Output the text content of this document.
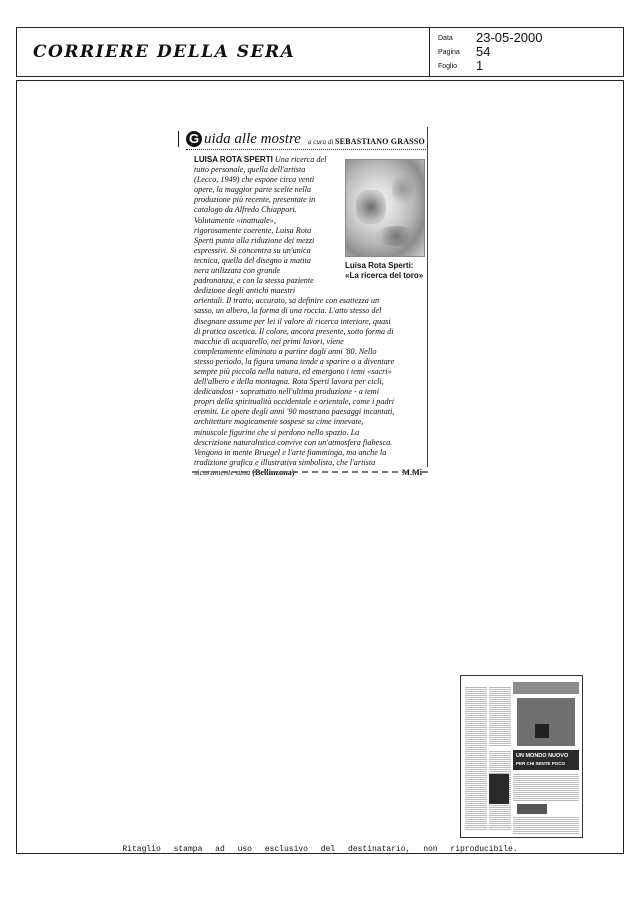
CORRIERE DELLA SERA
Data 23-05-2000
Pagina 54
Foglio 1
G uida alle mostre a cura di SEBASTIANO GRASSO
LUISA ROTA SPERTI Una ricerca del
tutto personale, quella dell'artista
(Lecco, 1949) che espone circa venti
opere, la maggior parte scelte nella
produzione più recente, presentate in
catalogo da Alfredo Chiappori.
Volutamente «inattuale»,
rigorosamente coerente, Luisa Rota
Sperti punta alla riduzione dei mezzi
espressivi. Si concentra su un'unica
tecnica, quella del disegno a matita
nera utilizzata con grande
padronanza, e con la stessa paziente
dedizione degli antichi maestri
orientali. Il tratto, accurato, sa definire con esattezza un
sasso, un albero, la forma di una roccia. L'atto stesso del
disegnare assume per lei il valore di ricerca interiore, quasi
di pratica ascetica. Il colore, ancora presente, sotto forma di
macchie di acquarello, nei primi lavori, viene
completamente eliminato a partire dagli anni '80. Nello
stesso periodo, la figura umana tende a sparire o a diventare
sempre più piccola nella natura, ed emergono i temi «sacri»
dell'albero e della montagna. Rota Sperti lavora per cicli,
dedicandosi - soprattutto nell'ultima produzione - a temi
propri della spiritualità occidentale e orientale, come i padri
eremiti. Le opere degli anni '90 mostrano paesaggi incantati,
architetture magicamente sospese su cime innevate,
minuscole figurine che si perdono nello spazio. La
descrizione naturalistica convive con un'atmosfera fiabesca.
Vengono in mente Bruegel e l'arte fiamminga, ma anche la
tradizione grafica e illustrativa simbolista, che l'artista
sicuramente ama (Bellinzona)	M.Mi
Luisa Rota Sperti:
«La ricerca del toro»
UN MONDO NUOVO
PER CHI SENTE POCO
Ritaglio stampa ad uso esclusivo del destinatario, non riproducibile.
